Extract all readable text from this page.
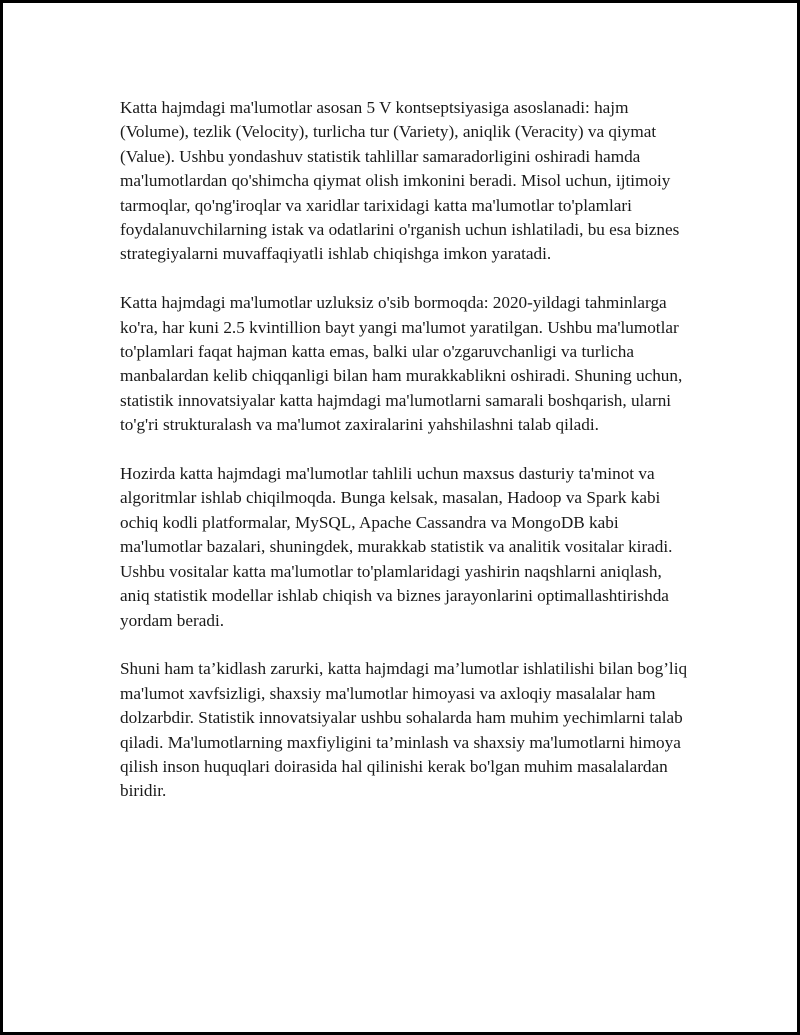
Katta hajmdagi ma'lumotlar asosan 5 V kontseptsiyasiga asoslanadi: hajm (Volume), tezlik (Velocity), turlicha tur (Variety), aniqlik (Veracity) va qiymat (Value). Ushbu yondashuv statistik tahlillar samaradorligini oshiradi hamda ma'lumotlardan qo'shimcha qiymat olish imkonini beradi. Misol uchun, ijtimoiy tarmoqlar, qo'ng'iroqlar va xaridlar tarixidagi katta ma'lumotlar to'plamlari foydalanuvchilarning istak va odatlarini o'rganish uchun ishlatiladi, bu esa biznes strategiyalarni muvaffaqiyatli ishlab chiqishga imkon yaratadi.

Katta hajmdagi ma'lumotlar uzluksiz o'sib bormoqda: 2020-yildagi tahminlarga ko'ra, har kuni 2.5 kvintillion bayt yangi ma'lumot yaratilgan. Ushbu ma'lumotlar to'plamlari faqat hajman katta emas, balki ular o'zgaruvchanligi va turlicha manbalardan kelib chiqqanligi bilan ham murakkablikni oshiradi. Shuning uchun, statistik innovatsiyalar katta hajmdagi ma'lumotlarni samarali boshqarish, ularni to'g'ri strukturalash va ma'lumot zaxiralarini yahshilashni talab qiladi.

Hozirda katta hajmdagi ma'lumotlar tahlili uchun maxsus dasturiy ta'minot va algoritmlar ishlab chiqilmoqda. Bunga kelsak, masalan, Hadoop va Spark kabi ochiq kodli platformalar, MySQL, Apache Cassandra va MongoDB kabi ma'lumotlar bazalari, shuningdek, murakkab statistik va analitik vositalar kiradi. Ushbu vositalar katta ma'lumotlar to'plamlaridagi yashirin naqshlarni aniqlash, aniq statistik modellar ishlab chiqish va biznes jarayonlarini optimallashtirishda yordam beradi.

Shuni ham ta’kidlash zarurki, katta hajmdagi ma’lumotlar ishlatilishi bilan bog’liq ma'lumot xavfsizligi, shaxsiy ma'lumotlar himoyasi va axloqiy masalalar ham dolzarbdir. Statistik innovatsiyalar ushbu sohalarda ham muhim yechimlarni talab qiladi. Ma'lumotlarning maxfiyligini ta’minlash va shaxsiy ma'lumotlarni himoya qilish inson huquqlari doirasida hal qilinishi kerak bo'lgan muhim masalalardan biridir.
